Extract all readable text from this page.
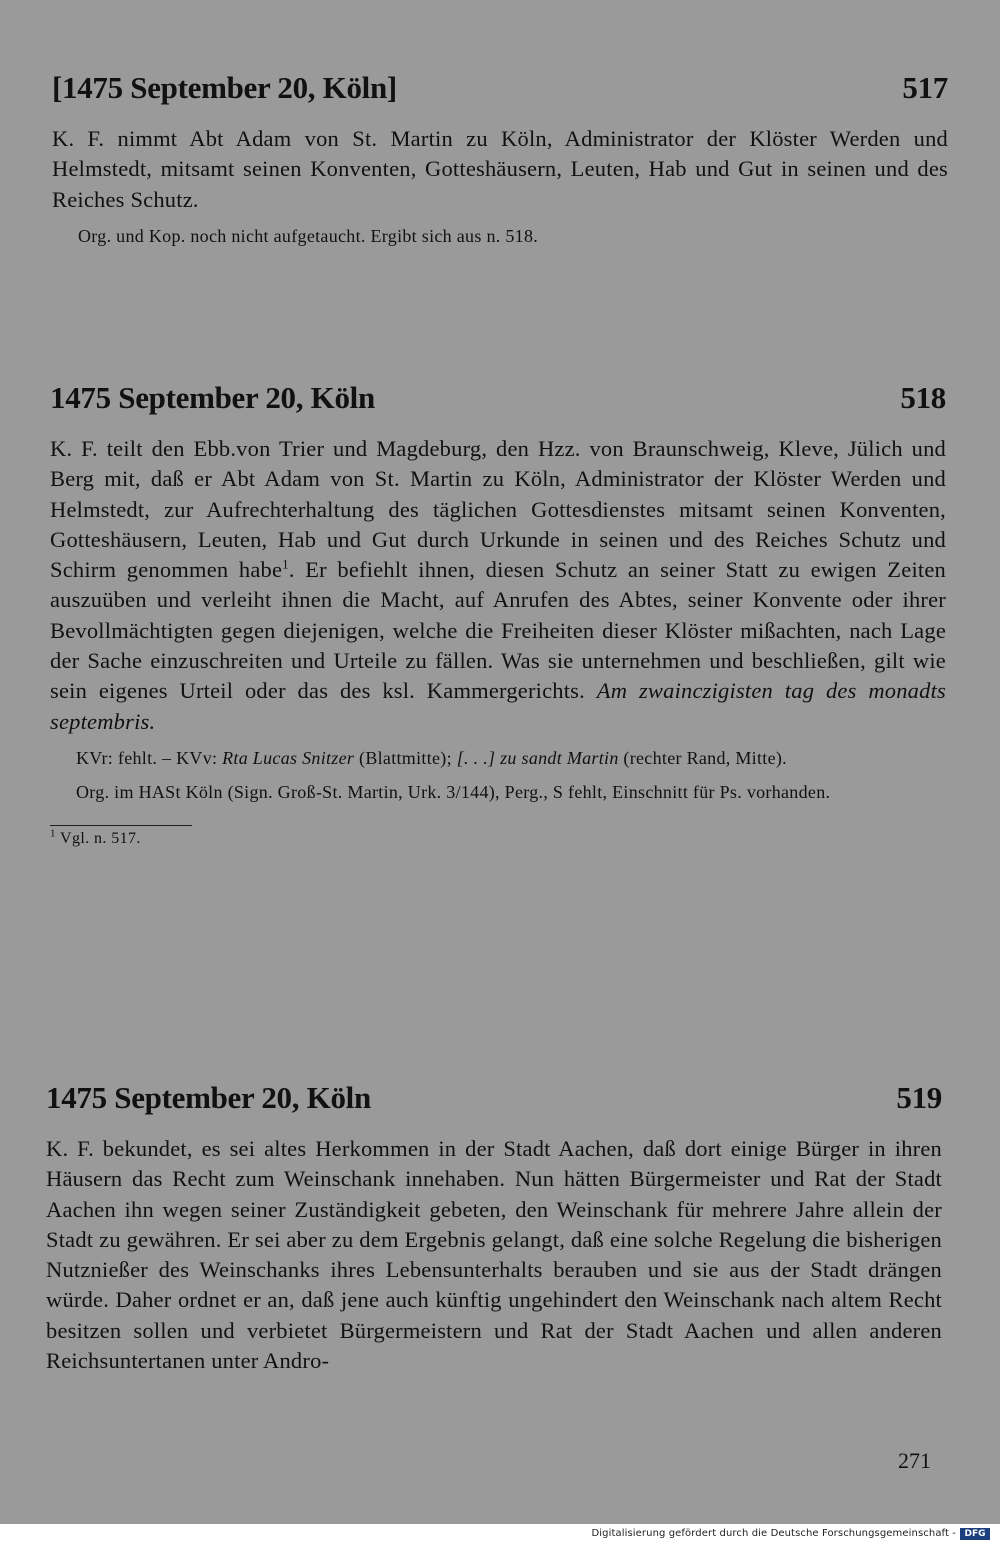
[1475 September 20, Köln]	517
K. F. nimmt Abt Adam von St. Martin zu Köln, Administrator der Klöster Werden und Helmstedt, mitsamt seinen Konventen, Gotteshäusern, Leuten, Hab und Gut in seinen und des Reiches Schutz.
Org. und Kop. noch nicht aufgetaucht. Ergibt sich aus n. 518.
1475 September 20, Köln	518
K. F. teilt den Ebb.von Trier und Magdeburg, den Hzz. von Braunschweig, Kleve, Jülich und Berg mit, daß er Abt Adam von St. Martin zu Köln, Administrator der Klöster Werden und Helmstedt, zur Aufrechterhaltung des täglichen Gottesdienstes mitsamt seinen Konventen, Gotteshäusern, Leuten, Hab und Gut durch Urkunde in seinen und des Reiches Schutz und Schirm genommen habe$^1$. Er befiehlt ihnen, diesen Schutz an seiner Statt zu ewigen Zeiten auszuüben und verleiht ihnen die Macht, auf Anrufen des Abtes, seiner Konvente oder ihrer Bevollmächtigten gegen diejenigen, welche die Freiheiten dieser Klöster mißachten, nach Lage der Sache einzuschreiten und Urteile zu fällen. Was sie unternehmen und beschließen, gilt wie sein eigenes Urteil oder das des ksl. Kammergerichts. Am zwainczigisten tag des monadts septembris.
KVr: fehlt. – KVv: Rta Lucas Snitzer (Blattmitte); [. . .] zu sandt Martin (rechter Rand, Mitte).
Org. im HASt Köln (Sign. Groß-St. Martin, Urk. 3/144), Perg., S fehlt, Einschnitt für Ps. vorhanden.
$^1$ Vgl. n. 517.
1475 September 20, Köln	519
K. F. bekundet, es sei altes Herkommen in der Stadt Aachen, daß dort einige Bürger in ihren Häusern das Recht zum Weinschank innehaben. Nun hätten Bürgermeister und Rat der Stadt Aachen ihn wegen seiner Zuständigkeit gebeten, den Weinschank für mehrere Jahre allein der Stadt zu gewähren. Er sei aber zu dem Ergebnis gelangt, daß eine solche Regelung die bisherigen Nutznießer des Weinschanks ihres Lebensunterhalts berauben und sie aus der Stadt drängen würde. Daher ordnet er an, daß jene auch künftig ungehindert den Weinschank nach altem Recht besitzen sollen und verbietet Bürgermeistern und Rat der Stadt Aachen und allen anderen Reichsuntertanen unter Andro-
271
Digitalisierung gefördert durch die Deutsche Forschungsgemeinschaft - DFG
